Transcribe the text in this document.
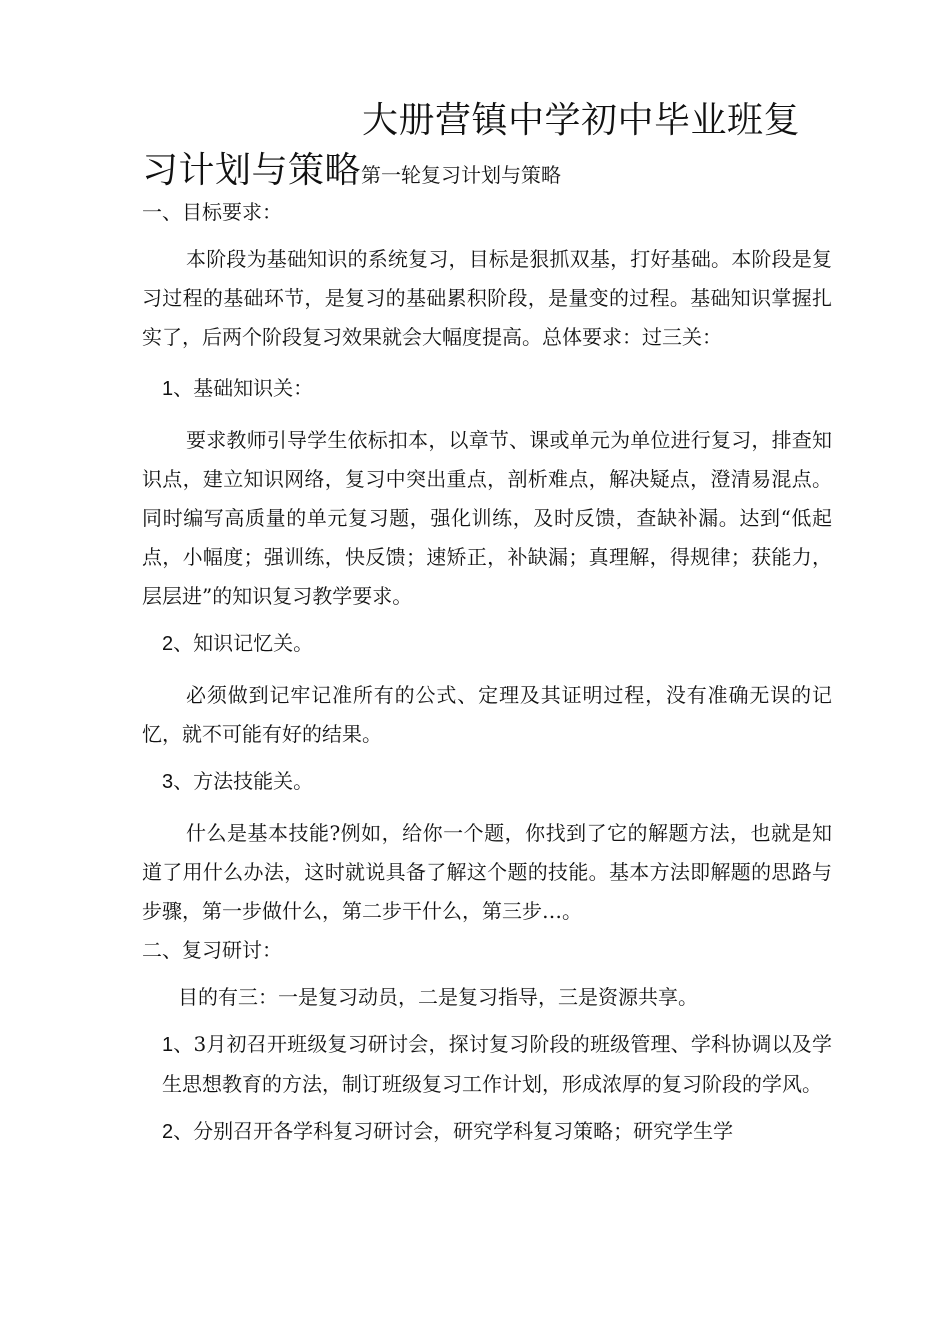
大册营镇中学初中毕业班复
习计划与策略第一轮复习计划与策略

一、目标要求：

本阶段为基础知识的系统复习，目标是狠抓双基，打好基础。本阶段是复习过程的基础环节，是复习的基础累积阶段，是量变的过程。基础知识掌握扎实了，后两个阶段复习效果就会大幅度提高。总体要求：过三关：

1、基础知识关：

要求教师引导学生依标扣本，以章节、课或单元为单位进行复习，排查知识点，建立知识网络，复习中突出重点，剖析难点，解决疑点，澄清易混点。同时编写高质量的单元复习题，强化训练，及时反馈，查缺补漏。达到“低起点，小幅度；强训练，快反馈；速矫正，补缺漏；真理解，得规律；获能力，层层进”的知识复习教学要求。

2、知识记忆关。

必须做到记牢记准所有的公式、定理及其证明过程，没有准确无误的记忆，就不可能有好的结果。

3、方法技能关。

什么是基本技能?例如，给你一个题，你找到了它的解题方法，也就是知道了用什么办法，这时就说具备了解这个题的技能。基本方法即解题的思路与步骤，第一步做什么，第二步干什么，第三步…。

二、复习研讨：

目的有三：一是复习动员，二是复习指导，三是资源共享。

1、3月初召开班级复习研讨会，探讨复习阶段的班级管理、学科协调以及学生思想教育的方法，制订班级复习工作计划，形成浓厚的复习阶段的学风。

2、分别召开各学科复习研讨会，研究学科复习策略；研究学生学
